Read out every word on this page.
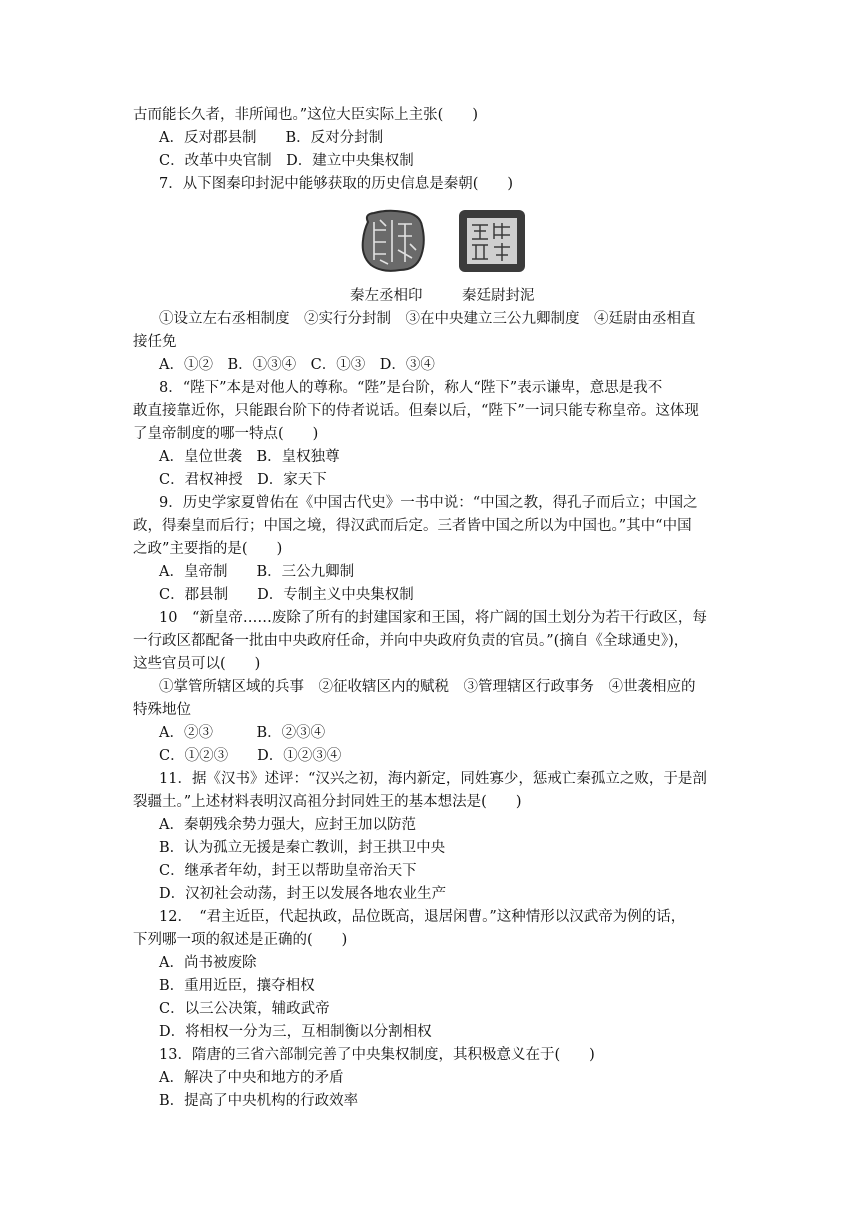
古而能长久者，非所闻也。”这位大臣实际上主张(　　)
A．反对郡县制　　B．反对分封制
C．改革中央官制　D．建立中央集权制
7．从下图秦印封泥中能够获取的历史信息是秦朝(　　)
秦左丞相印	秦廷尉封泥
①设立左右丞相制度　②实行分封制　③在中央建立三公九卿制度　④廷尉由丞相直
接任免
A．①②　B．①③④　C．①③　D．③④
8．“陛下”本是对他人的尊称。“陛”是台阶，称人“陛下”表示谦卑，意思是我不
敢直接靠近你，只能跟台阶下的侍者说话。但秦以后，“陛下”一词只能专称皇帝。这体现
了皇帝制度的哪一特点(　　)
A．皇位世袭　B．皇权独尊
C．君权神授　D．家天下
9．历史学家夏曾佑在《中国古代史》一书中说：“中国之教，得孔子而后立；中国之
政，得秦皇而后行；中国之境，得汉武而后定。三者皆中国之所以为中国也。”其中“中国
之政”主要指的是(　　)
A．皇帝制　　B．三公九卿制
C．郡县制　　D．专制主义中央集权制
10　“新皇帝……废除了所有的封建国家和王国，将广阔的国土划分为若干行政区，每
一行政区都配备一批由中央政府任命，并向中央政府负责的官员。”(摘自《全球通史》)，
这些官员可以(　　)
①掌管所辖区域的兵事　②征收辖区内的赋税　③管理辖区行政事务　④世袭相应的
特殊地位
A．②③　　　B．②③④
C．①②③　　D．①②③④
11．据《汉书》述评：“汉兴之初，海内新定，同姓寡少，惩戒亡秦孤立之败，于是剖
裂疆土。”上述材料表明汉高祖分封同姓王的基本想法是(　　)
A．秦朝残余势力强大，应封王加以防范
B．认为孤立无援是秦亡教训，封王拱卫中央
C．继承者年幼，封王以帮助皇帝治天下
D．汉初社会动荡，封王以发展各地农业生产
12．　“君主近臣，代起执政，品位既高，退居闲曹。”这种情形以汉武帝为例的话，
下列哪一项的叙述是正确的(　　)
A．尚书被废除
B．重用近臣，攘夺相权
C．以三公决策，辅政武帝
D．将相权一分为三，互相制衡以分割相权
13．隋唐的三省六部制完善了中央集权制度，其积极意义在于(　　)
A．解决了中央和地方的矛盾
B．提高了中央机构的行政效率
